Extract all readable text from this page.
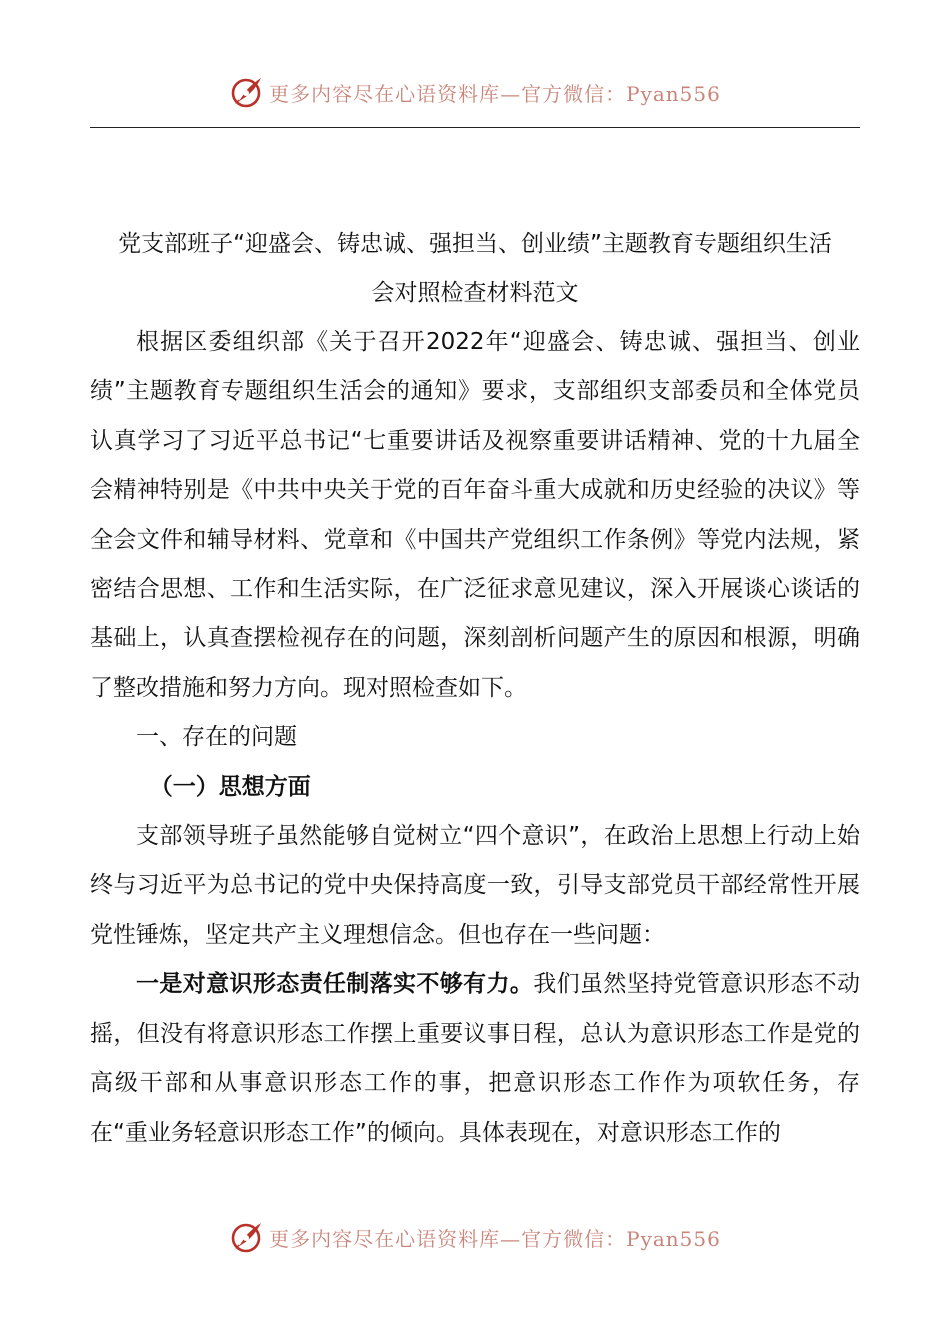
更多内容尽在心语资料库—官方微信：Pyan556

党支部班子“迎盛会、铸忠诚、强担当、创业绩”主题教育专题组织生活

会对照检查材料范文

根据区委组织部《关于召开2022年“迎盛会、铸忠诚、强担当、创业绩”主题教育专题组织生活会的通知》要求，支部组织支部委员和全体党员认真学习了习近平总书记“七重要讲话及视察重要讲话精神、党的十九届全会精神特别是《中共中央关于党的百年奋斗重大成就和历史经验的决议》等全会文件和辅导材料、党章和《中国共产党组织工作条例》等党内法规，紧密结合思想、工作和生活实际，在广泛征求意见建议，深入开展谈心谈话的基础上，认真查摆检视存在的问题，深刻剖析问题产生的原因和根源，明确了整改措施和努力方向。现对照检查如下。

一、存在的问题

（一）思想方面

支部领导班子虽然能够自觉树立“四个意识”，在政治上思想上行动上始终与习近平为总书记的党中央保持高度一致，引导支部党员干部经常性开展党性锤炼，坚定共产主义理想信念。但也存在一些问题：

一是对意识形态责任制落实不够有力。我们虽然坚持党管意识形态不动摇，但没有将意识形态工作摆上重要议事日程，总认为意识形态工作是党的高级干部和从事意识形态工作的事，把意识形态工作作为项软任务，存在“重业务轻意识形态工作”的倾向。具体表现在，对意识形态工作的

更多内容尽在心语资料库—官方微信：Pyan556
